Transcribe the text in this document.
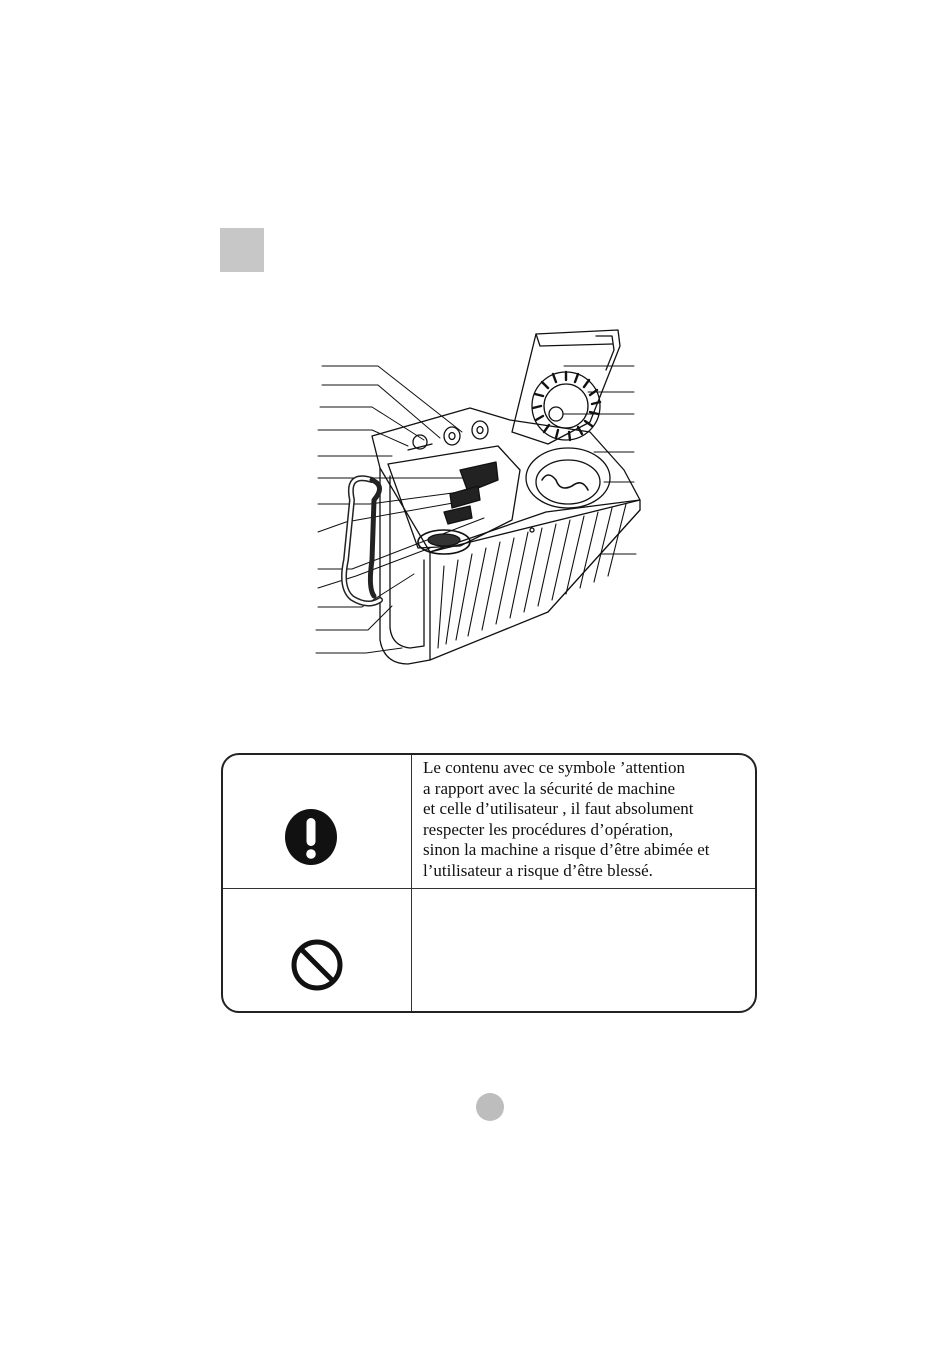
Le contenu avec ce symbole ’attention
a rapport avec la sécurité de machine
et celle d’utilisateur , il faut absolument
respecter les procédures d’opération,
sinon la machine a risque d’être abimée et
l’utilisateur a risque d’être blessé.
